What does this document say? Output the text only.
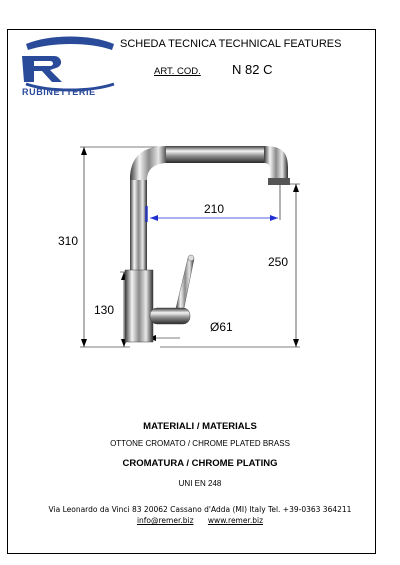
RUBINETTERIE
SCHEDA TECNICA TECHNICAL FEATURES
ART. COD. N 82 C
310
210
250
130
Ø61
MATERIALI / MATERIALS
OTTONE CROMATO / CHROME PLATED BRASS
CROMATURA / CHROME PLATING
UNI EN 248
Via Leonardo da Vinci 83 20062 Cassano d'Adda (MI) Italy Tel. +39-0363 364211
info@remer.biz www.remer.biz
